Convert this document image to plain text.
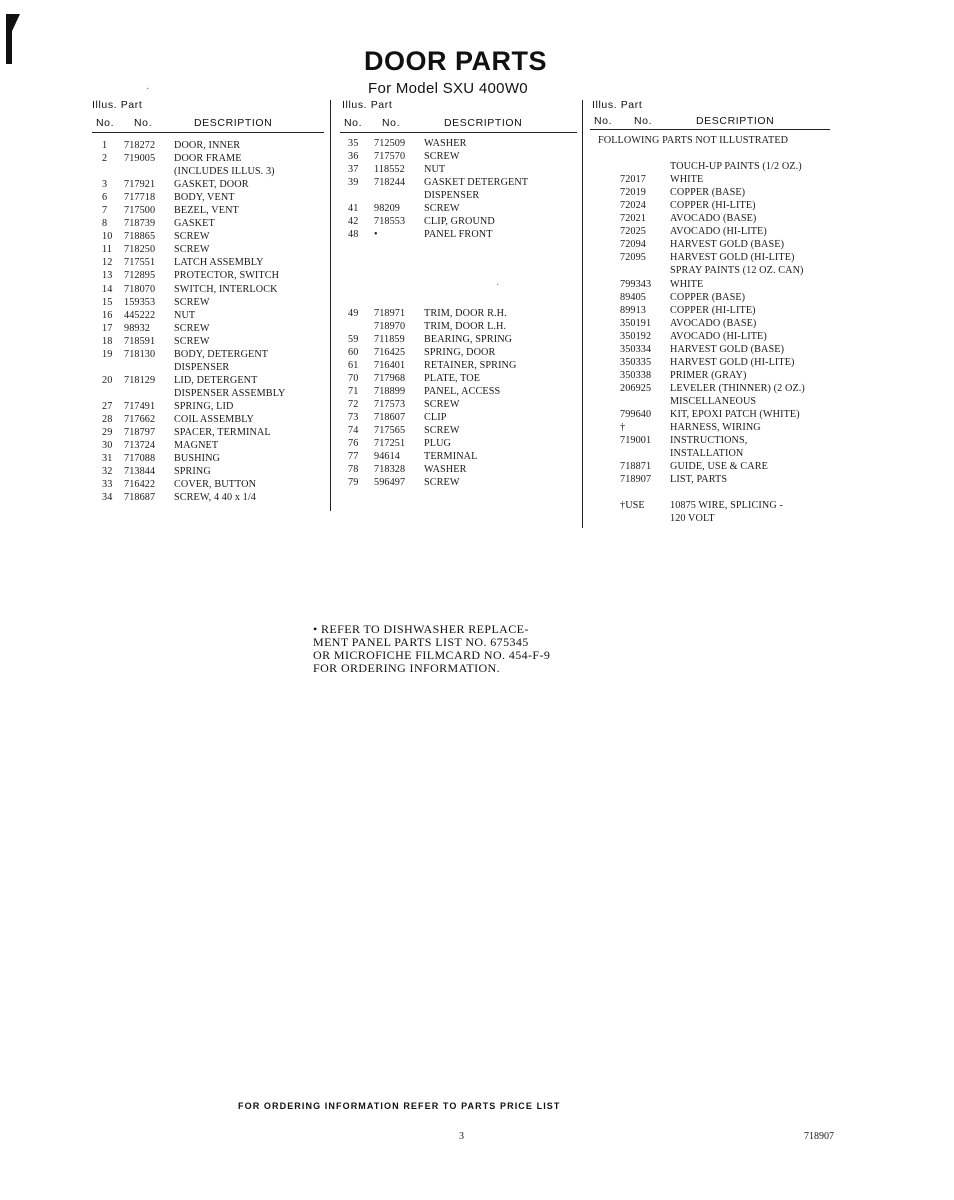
DOOR PARTS
For Model SXU 400W0
Illus. Part
No. No.	DESCRIPTION
1 718272 DOOR, INNER
2 719005 DOOR FRAME
(INCLUDES ILLUS. 3)
3 717921 GASKET, DOOR
6 717718 BODY, VENT
7 717500 BEZEL, VENT
8 718739 GASKET
10 718865 SCREW
11 718250 SCREW
12 717551 LATCH ASSEMBLY
13 712895 PROTECTOR, SWITCH
14 718070 SWITCH, INTERLOCK
15 159353 SCREW
16 445222 NUT
17 98932 SCREW
18 718591 SCREW
19 718130 BODY, DETERGENT
DISPENSER
20 718129 LID, DETERGENT
DISPENSER ASSEMBLY
27 717491 SPRING, LID
28 717662 COIL ASSEMBLY
29 718797 SPACER, TERMINAL
30 713724 MAGNET
31 717088 BUSHING
32 713844 SPRING
33 716422 COVER, BUTTON
34 718687 SCREW, 4 40 x 1/4
Illus. Part
No. No.	DESCRIPTION
35 712509 WASHER
36 717570 SCREW
37 118552 NUT
39 718244 GASKET DETERGENT
DISPENSER
41 98209 SCREW
42 718553 CLIP, GROUND
48 •	PANEL FRONT
49 718971 TRIM, DOOR R.H.
718970 TRIM, DOOR L.H.
59 711859 BEARING, SPRING
60 716425 SPRING, DOOR
61 716401 RETAINER, SPRING
70 717968 PLATE, TOE
71 718899 PANEL, ACCESS
72 717573 SCREW
73 718607 CLIP
74 717565 SCREW
76 717251 PLUG
77 94614 TERMINAL
78 718328 WASHER
79 596497 SCREW
Illus. Part
No. No.	DESCRIPTION
FOLLOWING PARTS NOT ILLUSTRATED
TOUCH-UP PAINTS (1/2 OZ.)
72017 WHITE
72019 COPPER (BASE)
72024 COPPER (HI-LITE)
72021 AVOCADO (BASE)
72025 AVOCADO (HI-LITE)
72094 HARVEST GOLD (BASE)
72095 HARVEST GOLD (HI-LITE)
SPRAY PAINTS (12 OZ. CAN)
799343 WHITE
89405 COPPER (BASE)
89913 COPPER (HI-LITE)
350191 AVOCADO (BASE)
350192 AVOCADO (HI-LITE)
350334 HARVEST GOLD (BASE)
350335 HARVEST GOLD (HI-LITE)
350338 PRIMER (GRAY)
206925 LEVELER (THINNER) (2 OZ.)
MISCELLANEOUS
799640 KIT, EPOXI PATCH (WHITE)
†	HARNESS, WIRING
719001 INSTRUCTIONS,
INSTALLATION
718871 GUIDE, USE & CARE
718907 LIST, PARTS
†USE 10875 WIRE, SPLICING -
120 VOLT
·
·
• REFER TO DISHWASHER REPLACE-
MENT PANEL PARTS LIST NO. 675345
OR MICROFICHE FILMCARD NO. 454-F-9
FOR ORDERING INFORMATION.
FOR ORDERING INFORMATION REFER TO PARTS PRICE LIST
3	718907
